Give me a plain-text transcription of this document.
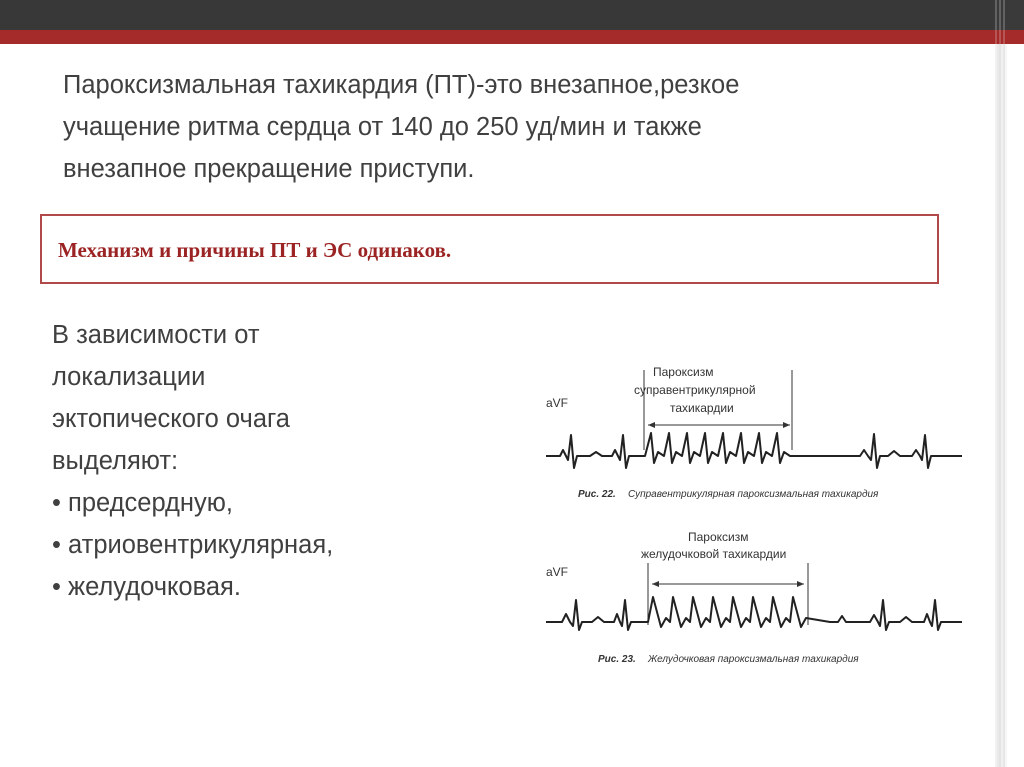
Пароксизмальная тахикардия (ПТ)-это внезапное,резкое
учащение ритма сердца от 140 до 250 уд/мин и также
внезапное прекращение приступи.
Механизм и причины ПТ и ЭС одинаков.
В зависимости от
локализации
эктопического очага
выделяют:
• предсердную,
• атриовентрикулярная,
• желудочковая.
Пароксизм
суправентрикулярной
тахикардии
aVF
Рис. 22. Суправентрикулярная пароксизмальная тахикардия
Пароксизм
желудочковой тахикардии
aVF
Рис. 23. Желудочковая пароксизмальная тахикардия
